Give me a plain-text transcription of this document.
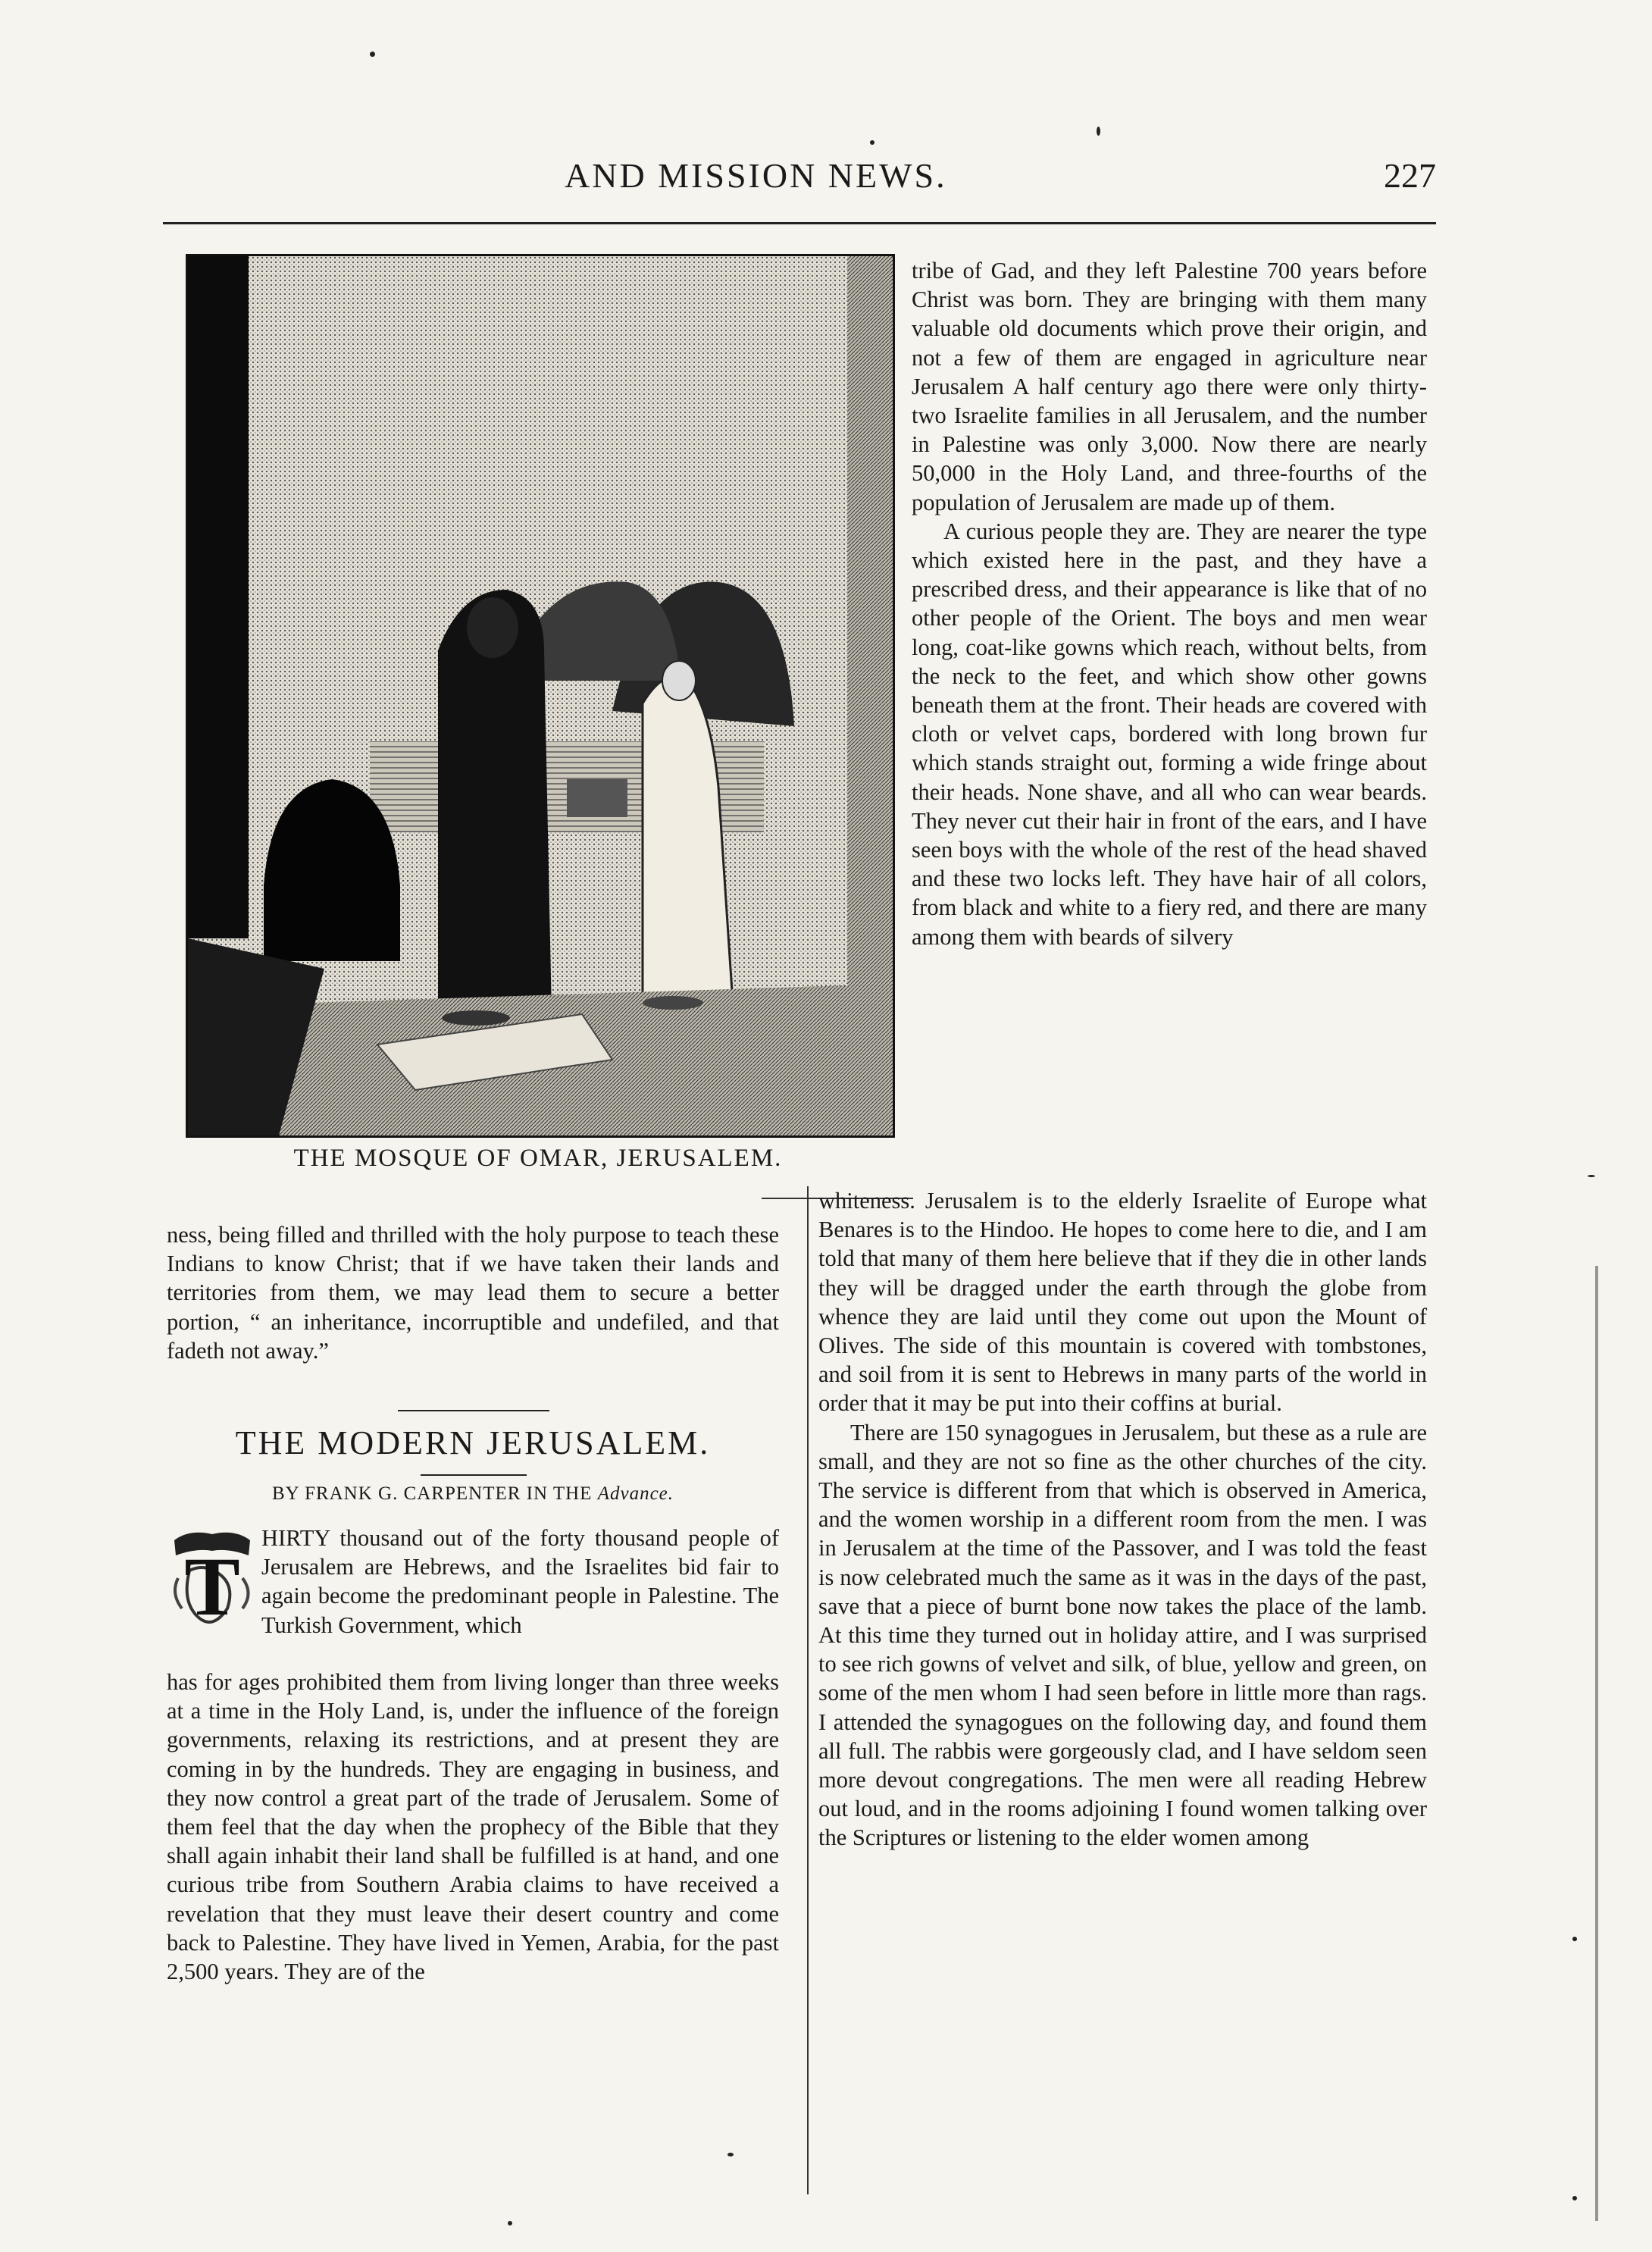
AND MISSION NEWS.	227
THE MOSQUE OF OMAR, JERUSALEM.

tribe of Gad, and they left Palestine 700 years before Christ was born. They are bringing with them many valuable old documents which prove their origin, and not a few of them are engaged in agriculture near Jerusalem A half century ago there were only thirty-two Israelite families in all Jerusalem, and the number in Palestine was only 3,000. Now there are nearly 50,000 in the Holy Land, and three-fourths of the population of Jerusalem are made up of them.

A curious people they are. They are nearer the type which existed here in the past, and they have a prescribed dress, and their appearance is like that of no other people of the Orient. The boys and men wear long, coat-like gowns which reach, without belts, from the neck to the feet, and which show other gowns beneath them at the front. Their heads are covered with cloth or velvet caps, bordered with long brown fur which stands straight out, forming a wide fringe about their heads. None shave, and all who can wear beards. They never cut their hair in front of the ears, and I have seen boys with the whole of the rest of the head shaved and these two locks left. They have hair of all colors, from black and white to a fiery red, and there are many among them with beards of silvery

whiteness. Jerusalem is to the elderly Israelite of Europe what Benares is to the Hindoo. He hopes to come here to die, and I am told that many of them here believe that if they die in other lands they will be dragged under the earth through the globe from whence they are laid until they come out upon the Mount of Olives. The side of this mountain is covered with tombstones, and soil from it is sent to Hebrews in many parts of the world in order that it may be put into their coffins at burial.

There are 150 synagogues in Jerusalem, but these as a rule are small, and they are not so fine as the other churches of the city. The service is different from that which is observed in America, and the women worship in a different room from the men. I was in Jerusalem at the time of the Passover, and I was told the feast is now celebrated much the same as it was in the days of the past, save that a piece of burnt bone now takes the place of the lamb. At this time they turned out in holiday attire, and I was surprised to see rich gowns of velvet and silk, of blue, yellow and green, on some of the men whom I had seen before in little more than rags. I attended the synagogues on the following day, and found them all full. The rabbis were gorgeously clad, and I have seldom seen more devout congregations. The men were all reading Hebrew out loud, and in the rooms adjoining I found women talking over the Scriptures or listening to the elder women among

ness, being filled and thrilled with the holy purpose to teach these Indians to know Christ; that if we have taken their lands and territories from them, we may lead them to secure a better portion, “ an inheritance, incorruptible and undefiled, and that fadeth not away.”

THE MODERN JERUSALEM.
BY FRANK G. CARPENTER IN THE Advance.
T

HIRTY thousand out of the forty thousand people of Jerusalem are Hebrews, and the Israelites bid fair to again become the predominant people in Palestine. The Turkish Government, which

has for ages prohibited them from living longer than three weeks at a time in the Holy Land, is, under the influence of the foreign governments, relaxing its restrictions, and at present they are coming in by the hundreds. They are engaging in business, and they now control a great part of the trade of Jerusalem. Some of them feel that the day when the prophecy of the Bible that they shall again inhabit their land shall be fulfilled is at hand, and one curious tribe from Southern Arabia claims to have received a revelation that they must leave their desert country and come back to Palestine. They have lived in Yemen, Arabia, for the past 2,500 years. They are of the
